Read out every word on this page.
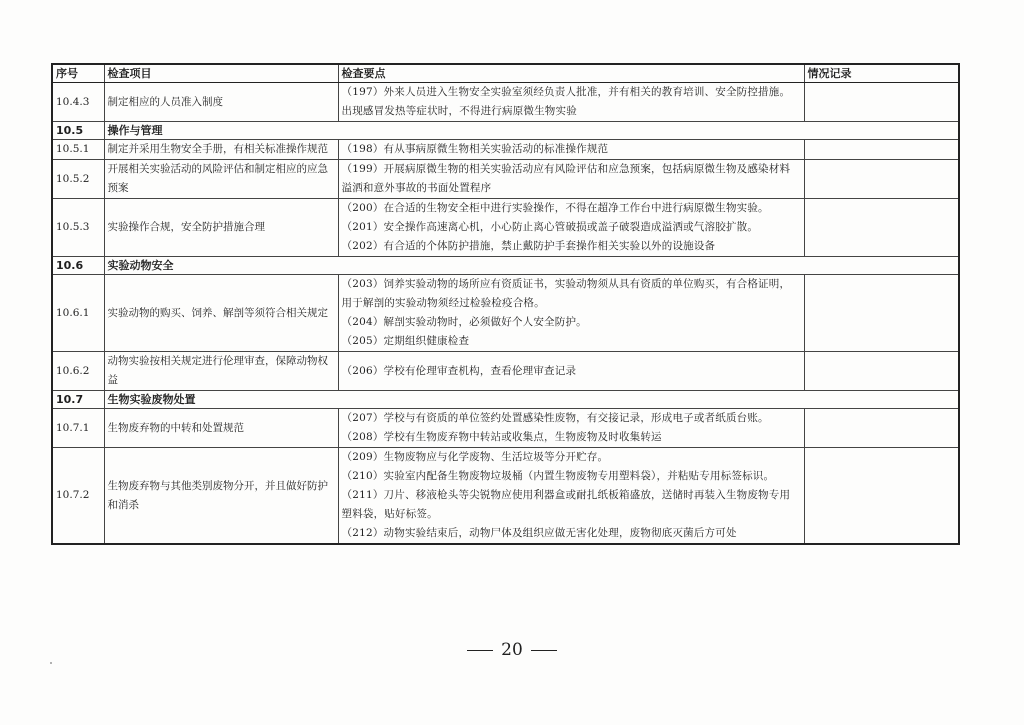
序号	检查项目	检查要点	情况记录
10.4.3	制定相应的人员准入制度	（197）外来人员进入生物安全实验室须经负责人批准，并有相关的教育培训、安全防控措施。出现感冒发热等症状时，不得进行病原微生物实验	

10.5	操作与管理		
10.5.1	制定并采用生物安全手册，有相关标准操作规范	（198）有从事病原微生物相关实验活动的标准操作规范	

10.5.2	开展相关实验活动的风险评估和制定相应的应急预案	（199）开展病原微生物的相关实验活动应有风险评估和应急预案，包括病原微生物及感染材料溢洒和意外事故的书面处置程序	

10.5.3	实验操作合规，安全防护措施合理	（200）在合适的生物安全柜中进行实验操作，不得在超净工作台中进行病原微生物实验。
（201）安全操作高速离心机，小心防止离心管破损或盖子破裂造成溢洒或气溶胶扩散。
（202）有合适的个体防护措施，禁止戴防护手套操作相关实验以外的设施设备	

10.6	实验动物安全		
10.6.1	实验动物的购买、饲养、解剖等须符合相关规定	（203）饲养实验动物的场所应有资质证书，实验动物须从具有资质的单位购买，有合格证明，用于解剖的实验动物须经过检验检疫合格。
（204）解剖实验动物时，必须做好个人安全防护。
（205）定期组织健康检查	

10.6.2	动物实验按相关规定进行伦理审查，保障动物权益	（206）学校有伦理审查机构，查看伦理审查记录	

10.7	生物实验废物处置		
10.7.1	生物废弃物的中转和处置规范	（207）学校与有资质的单位签约处置感染性废物，有交接记录，形成电子或者纸质台账。
（208）学校有生物废弃物中转站或收集点，生物废物及时收集转运	

10.7.2	生物废弃物与其他类别废物分开，并且做好防护和消杀	（209）生物废物应与化学废物、生活垃圾等分开贮存。
（210）实验室内配备生物废物垃圾桶（内置生物废物专用塑料袋），并粘贴专用标签标识。
（211）刀片、移液枪头等尖锐物应使用利器盒或耐扎纸板箱盛放，送储时再装入生物废物专用塑料袋，贴好标签。
（212）动物实验结束后，动物尸体及组织应做无害化处理，废物彻底灭菌后方可处	

20
